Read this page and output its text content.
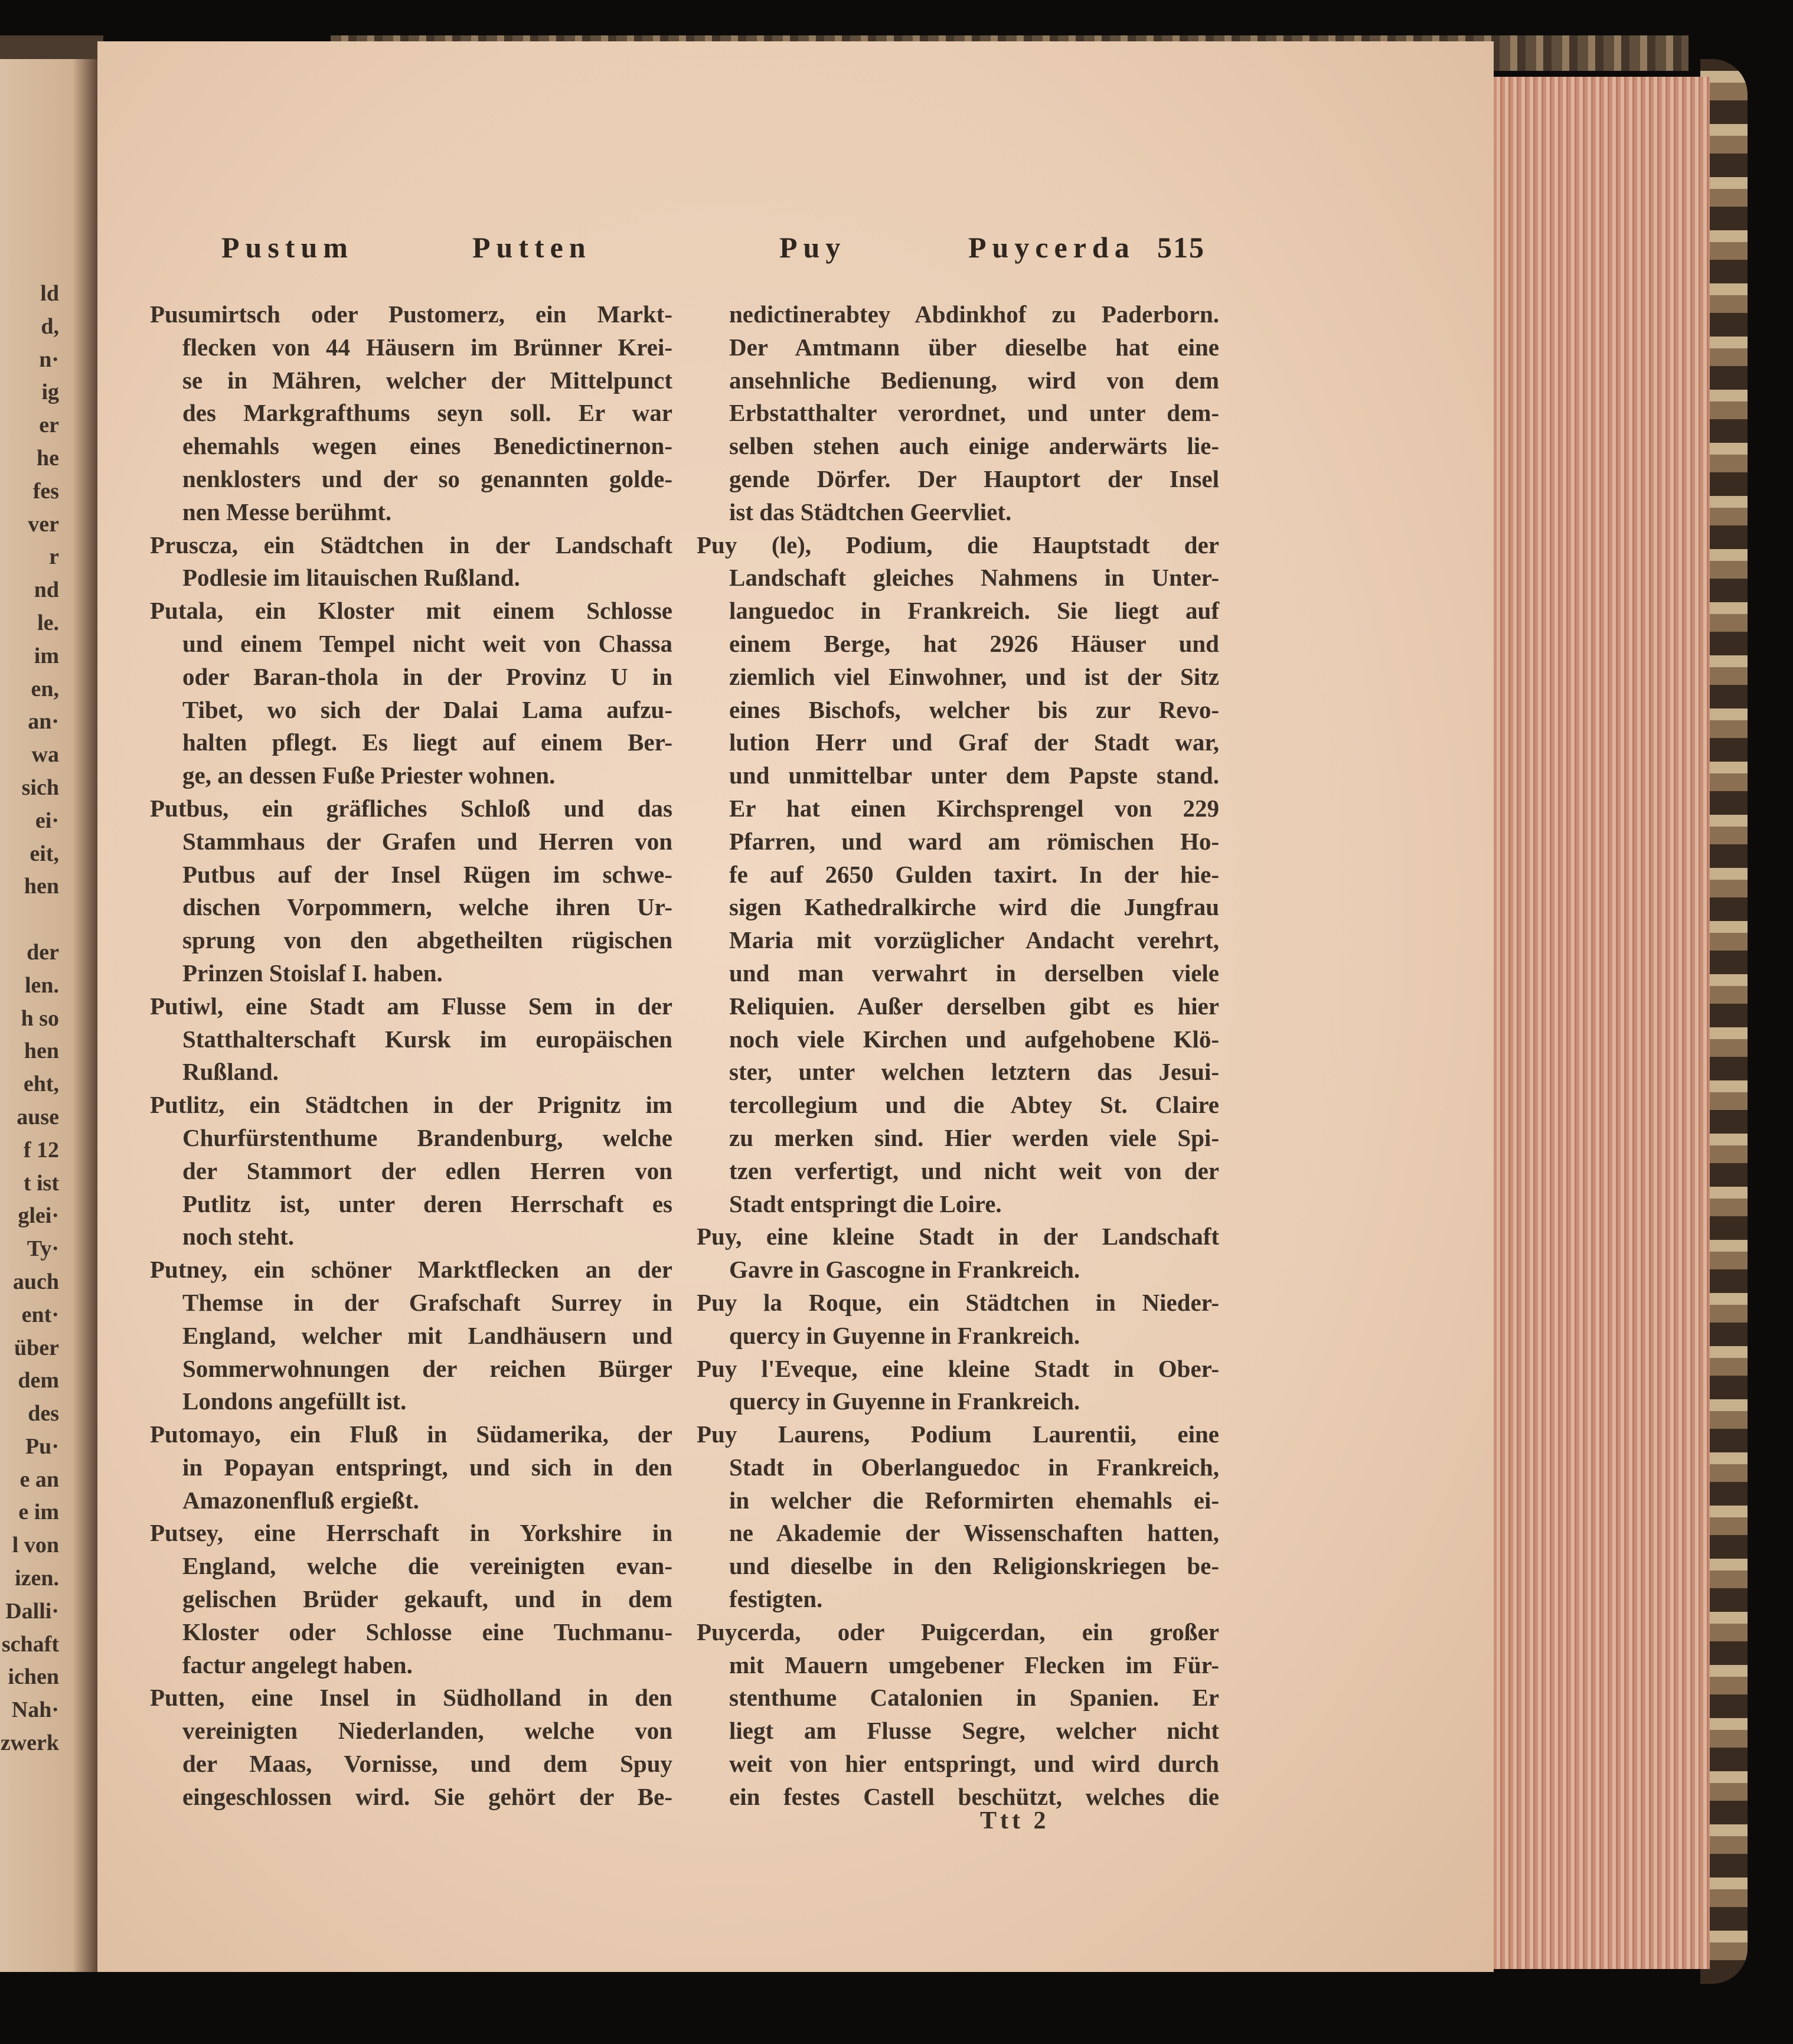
ld
d,
n·
ig
er
he
fes
ver
r
nd
le.
im
en,
an·
wa
sich
ei·
eit,
hen
der
len.
h so
hen
eht,
ause
f 12
t ist
glei·
Ty·
auch
ent·
über
dem
des
Pu·
e an
e im
l von
izen.
Dalli·
schaft
ichen
Nah·
zwerk
Pustum	Putten	Puy	Puycerda 515
Pusumirtsch oder Pustomerz, ein Markt-
flecken von 44 Häusern im Brünner Krei-
se in Mähren, welcher der Mittelpunct
des Markgrafthums seyn soll. Er war
ehemahls wegen eines Benedictinernon-
nenklosters und der so genannten golde-
nen Messe berühmt.
Pruscza, ein Städtchen in der Landschaft
Podlesie im litauischen Rußland.
Putala, ein Kloster mit einem Schlosse
und einem Tempel nicht weit von Chassa
oder Baran-thola in der Provinz U in
Tibet, wo sich der Dalai Lama aufzu-
halten pflegt. Es liegt auf einem Ber-
ge, an dessen Fuße Priester wohnen.
Putbus, ein gräfliches Schloß und das
Stammhaus der Grafen und Herren von
Putbus auf der Insel Rügen im schwe-
dischen Vorpommern, welche ihren Ur-
sprung von den abgetheilten rügischen
Prinzen Stoislaf I. haben.
Putiwl, eine Stadt am Flusse Sem in der
Statthalterschaft Kursk im europäischen
Rußland.
Putlitz, ein Städtchen in der Prignitz im
Churfürstenthume Brandenburg, welche
der Stammort der edlen Herren von
Putlitz ist, unter deren Herrschaft es
noch steht.
Putney, ein schöner Marktflecken an der
Themse in der Grafschaft Surrey in
England, welcher mit Landhäusern und
Sommerwohnungen der reichen Bürger
Londons angefüllt ist.
Putomayo, ein Fluß in Südamerika, der
in Popayan entspringt, und sich in den
Amazonenfluß ergießt.
Putsey, eine Herrschaft in Yorkshire in
England, welche die vereinigten evan-
gelischen Brüder gekauft, und in dem
Kloster oder Schlosse eine Tuchmanu-
factur angelegt haben.
Putten, eine Insel in Südholland in den
vereinigten Niederlanden, welche von
der Maas, Vornisse, und dem Spuy
eingeschlossen wird. Sie gehört der Be-
nedictinerabtey Abdinkhof zu Paderborn.
Der Amtmann über dieselbe hat eine
ansehnliche Bedienung, wird von dem
Erbstatthalter verordnet, und unter dem-
selben stehen auch einige anderwärts lie-
gende Dörfer. Der Hauptort der Insel
ist das Städtchen Geervliet.
Puy (le), Podium, die Hauptstadt der
Landschaft gleiches Nahmens in Unter-
languedoc in Frankreich. Sie liegt auf
einem Berge, hat 2926 Häuser und
ziemlich viel Einwohner, und ist der Sitz
eines Bischofs, welcher bis zur Revo-
lution Herr und Graf der Stadt war,
und unmittelbar unter dem Papste stand.
Er hat einen Kirchsprengel von 229
Pfarren, und ward am römischen Ho-
fe auf 2650 Gulden taxirt. In der hie-
sigen Kathedralkirche wird die Jungfrau
Maria mit vorzüglicher Andacht verehrt,
und man verwahrt in derselben viele
Reliquien. Außer derselben gibt es hier
noch viele Kirchen und aufgehobene Klö-
ster, unter welchen letztern das Jesui-
tercollegium und die Abtey St. Claire
zu merken sind. Hier werden viele Spi-
tzen verfertigt, und nicht weit von der
Stadt entspringt die Loire.
Puy, eine kleine Stadt in der Landschaft
Gavre in Gascogne in Frankreich.
Puy la Roque, ein Städtchen in Nieder-
quercy in Guyenne in Frankreich.
Puy l'Eveque, eine kleine Stadt in Ober-
quercy in Guyenne in Frankreich.
Puy Laurens, Podium Laurentii, eine
Stadt in Oberlanguedoc in Frankreich,
in welcher die Reformirten ehemahls ei-
ne Akademie der Wissenschaften hatten,
und dieselbe in den Religionskriegen be-
festigten.
Puycerda, oder Puigcerdan, ein großer
mit Mauern umgebener Flecken im Für-
stenthume Catalonien in Spanien. Er
liegt am Flusse Segre, welcher nicht
weit von hier entspringt, und wird durch
ein festes Castell beschützt, welches die
Ttt 2
